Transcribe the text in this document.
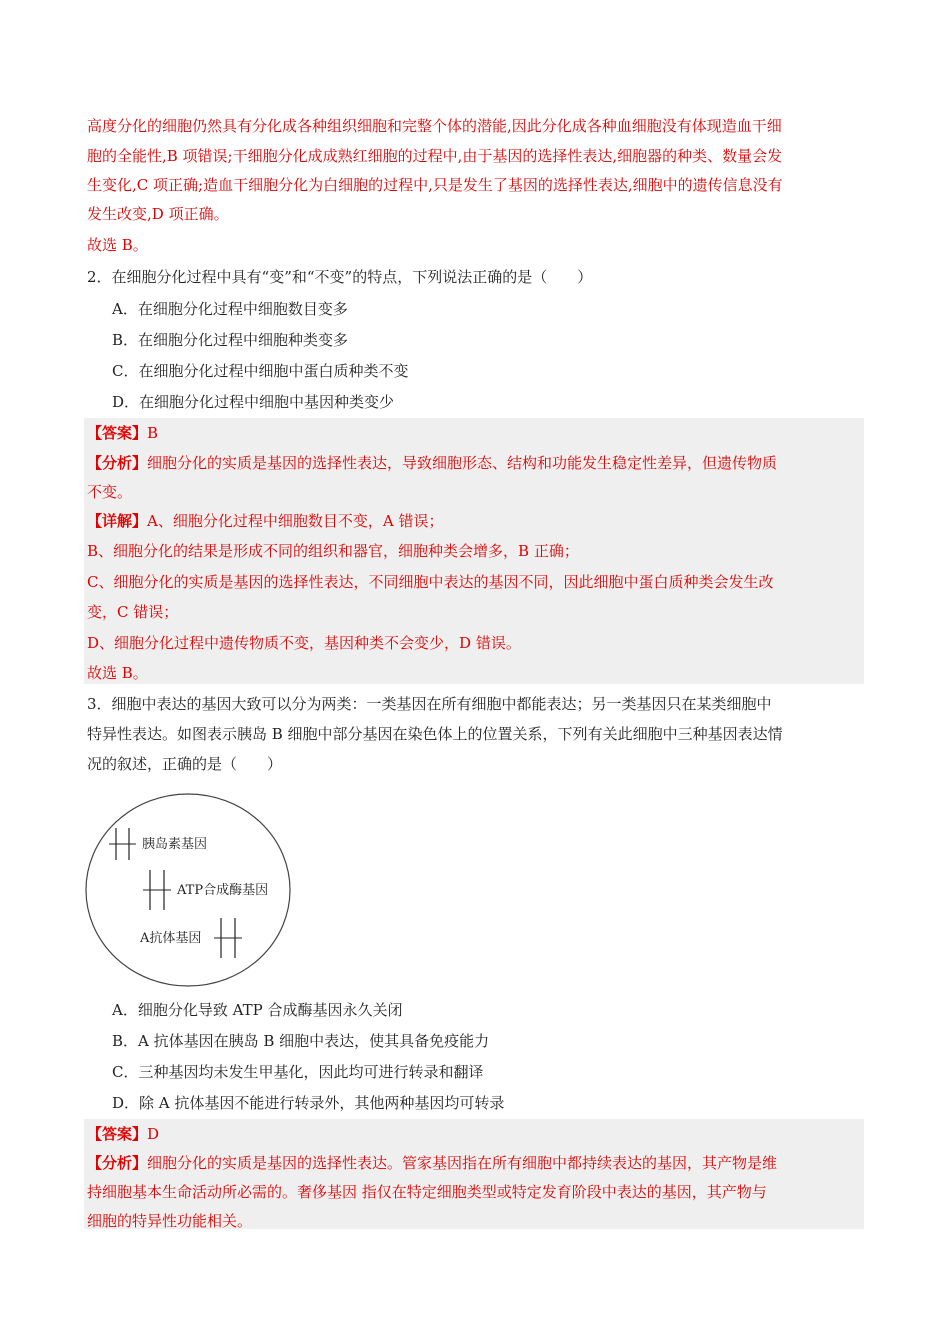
高度分化的细胞仍然具有分化成各种组织细胞和完整个体的潜能,因此分化成各种血细胞没有体现造血干细
胞的全能性,B 项错误;干细胞分化成成熟红细胞的过程中,由于基因的选择性表达,细胞器的种类、数量会发
生变化,C 项正确;造血干细胞分化为白细胞的过程中,只是发生了基因的选择性表达,细胞中的遗传信息没有
发生改变,D 项正确。
故选 B。
2．在细胞分化过程中具有“变”和“不变”的特点，下列说法正确的是（　　）
A．在细胞分化过程中细胞数目变多
B．在细胞分化过程中细胞种类变多
C．在细胞分化过程中细胞中蛋白质种类不变
D．在细胞分化过程中细胞中基因种类变少
【答案】B
【分析】细胞分化的实质是基因的选择性表达，导致细胞形态、结构和功能发生稳定性差异，但遗传物质
不变。
【详解】A、细胞分化过程中细胞数目不变，A 错误；
B、细胞分化的结果是形成不同的组织和器官，细胞种类会增多，B 正确；
C、细胞分化的实质是基因的选择性表达，不同细胞中表达的基因不同，因此细胞中蛋白质种类会发生改
变，C 错误；
D、细胞分化过程中遗传物质不变，基因种类不会变少，D 错误。
故选 B。
3．细胞中表达的基因大致可以分为两类：一类基因在所有细胞中都能表达；另一类基因只在某类细胞中
特异性表达。如图表示胰岛 B 细胞中部分基因在染色体上的位置关系，下列有关此细胞中三种基因表达情
况的叙述，正确的是（　　）
胰岛素基因
ATP合成酶基因
A抗体基因
A．细胞分化导致 ATP 合成酶基因永久关闭
B．A 抗体基因在胰岛 B 细胞中表达，使其具备免疫能力
C．三种基因均未发生甲基化，因此均可进行转录和翻译
D．除 A 抗体基因不能进行转录外，其他两种基因均可转录
【答案】D
【分析】细胞分化的实质是基因的选择性表达。管家基因指在所有细胞中都持续表达的基因，其产物是维
持细胞基本生命活动所必需的。奢侈基因 指仅在特定细胞类型或特定发育阶段中表达的基因，其产物与
细胞的特异性功能相关。
